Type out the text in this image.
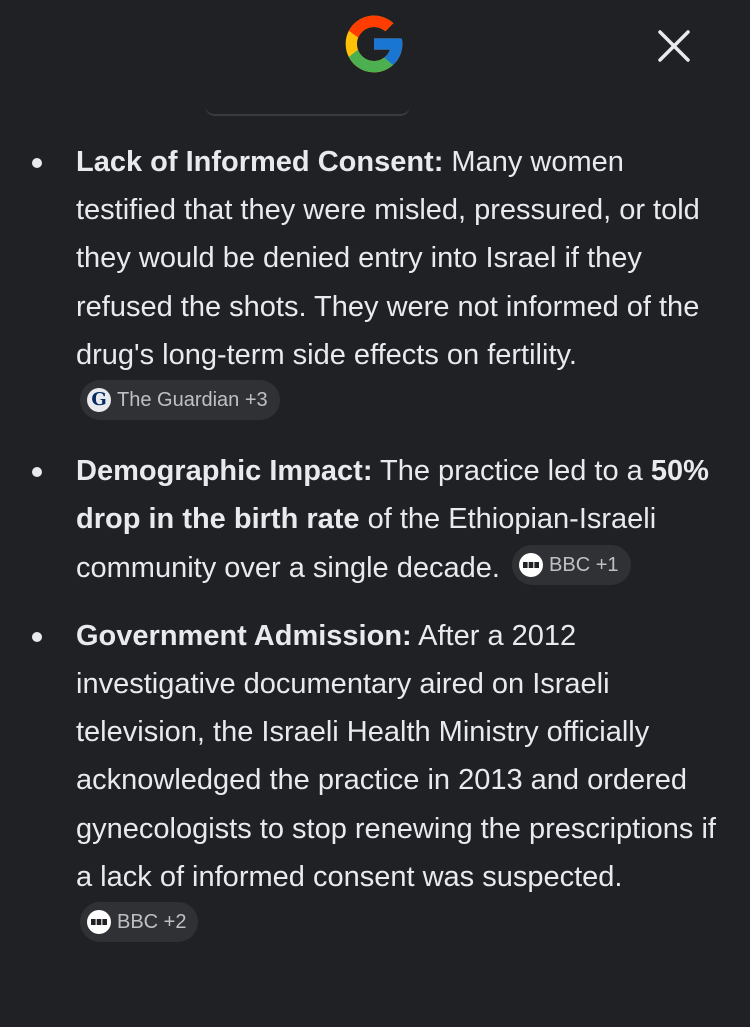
Lack of Informed Consent: Many women testified that they were misled, pressured, or told they would be denied entry into Israel if they refused the shots. They were not informed of the drug's long-term side effects on fertility.
G The Guardian +3
Demographic Impact: The practice led to a 50% drop in the birth rate of the Ethiopian-Israeli community over a single decade. BBC +1
Government Admission: After a 2012 investigative documentary aired on Israeli television, the Israeli Health Ministry officially acknowledged the practice in 2013 and ordered gynecologists to stop renewing the prescriptions if a lack of informed consent was suspected.
BBC +2
